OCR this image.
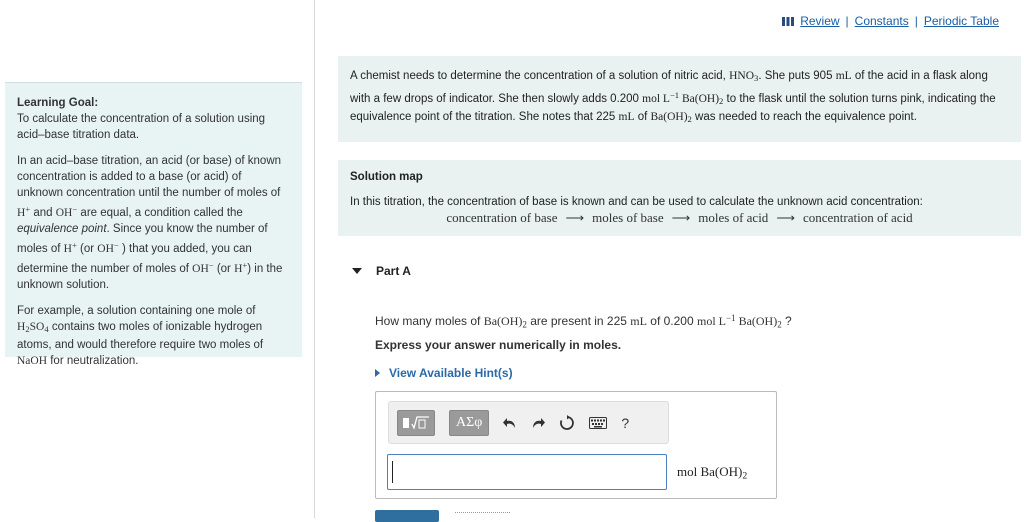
Learning Goal:
To calculate the concentration of a solution using acid–base titration data.

In an acid–base titration, an acid (or base) of known concentration is added to a base (or acid) of unknown concentration until the number of moles of H+ and OH− are equal, a condition called the equivalence point. Since you know the number of moles of H+ (or OH− ) that you added, you can determine the number of moles of OH− (or H+) in the unknown solution.

For example, a solution containing one mole of $H_2SO_4$ contains two moles of ionizable hydrogen atoms, and would therefore require two moles of NaOH for neutralization.

Review | Constants | Periodic Table
A chemist needs to determine the concentration of a solution of nitric acid, $HNO_3$. She puts 905 mL of the acid in a flask along with a few drops of indicator. She then slowly adds 0.200 mol $L^{-1}$ $Ba(OH)_2$ to the flask until the solution turns pink, indicating the equivalence point of the titration. She notes that 225 mL of $Ba(OH)_2$ was needed to reach the equivalence point.
Solution map
In this titration, the concentration of base is known and can be used to calculate the unknown acid concentration:
concentration of base ⟶ moles of base ⟶ moles of acid ⟶ concentration of acid
Part A
How many moles of $Ba(OH)_2$ are present in 225 mL of 0.200 mol $L^{-1}$ $Ba(OH)_2$ ?
Express your answer numerically in moles.
View Available Hint(s)
ΑΣφ	?
mol $Ba(OH)_2$
